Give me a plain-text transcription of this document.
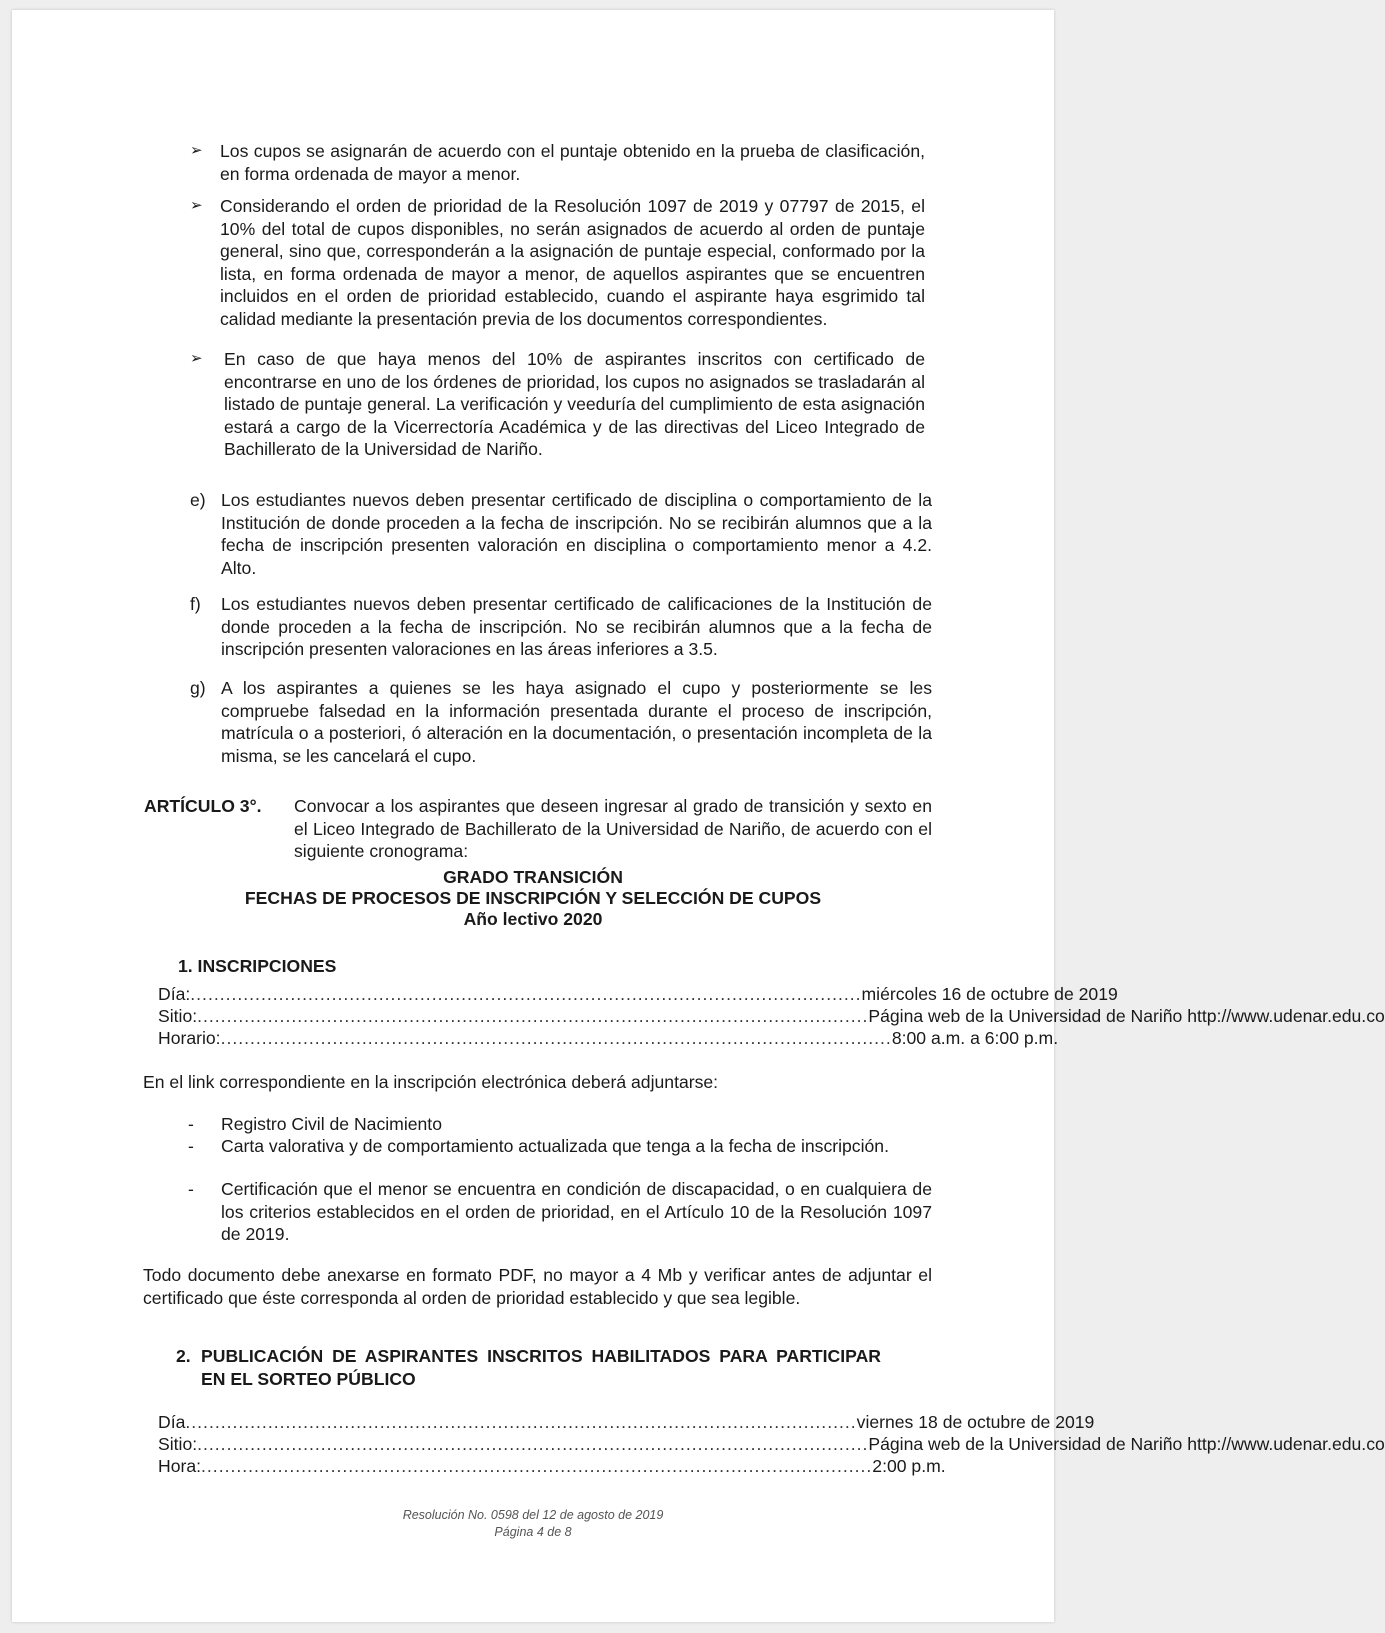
➢ Los cupos se asignarán de acuerdo con el puntaje obtenido en la prueba de clasificación, en forma ordenada de mayor a menor.
➢ Considerando el orden de prioridad de la Resolución 1097 de 2019 y 07797 de 2015, el 10% del total de cupos disponibles, no serán asignados de acuerdo al orden de puntaje general, sino que, corresponderán a la asignación de puntaje especial, conformado por la lista, en forma ordenada de mayor a menor, de aquellos aspirantes que se encuentren incluidos en el orden de prioridad establecido, cuando el aspirante haya esgrimido tal calidad mediante la presentación previa de los documentos correspondientes.
➢ En caso de que haya menos del 10% de aspirantes inscritos con certificado de encontrarse en uno de los órdenes de prioridad, los cupos no asignados se trasladarán al listado de puntaje general. La verificación y veeduría del cumplimiento de esta asignación estará a cargo de la Vicerrectoría Académica y de las directivas del Liceo Integrado de Bachillerato de la Universidad de Nariño.
e) Los estudiantes nuevos deben presentar certificado de disciplina o comportamiento de la Institución de donde proceden a la fecha de inscripción. No se recibirán alumnos que a la fecha de inscripción presenten valoración en disciplina o comportamiento menor a 4.2. Alto.
f) Los estudiantes nuevos deben presentar certificado de calificaciones de la Institución de donde proceden a la fecha de inscripción. No se recibirán alumnos que a la fecha de inscripción presenten valoraciones en las áreas inferiores a 3.5.
g) A los aspirantes a quienes se les haya asignado el cupo y posteriormente se les compruebe falsedad en la información presentada durante el proceso de inscripción, matrícula o a posteriori, ó alteración en la documentación, o presentación incompleta de la misma, se les cancelará el cupo.
ARTÍCULO 3°.	Convocar a los aspirantes que deseen ingresar al grado de transición y sexto en el Liceo Integrado de Bachillerato de la Universidad de Nariño, de acuerdo con el siguiente cronograma:
GRADO TRANSICIÓN
FECHAS DE PROCESOS DE INSCRIPCIÓN Y SELECCIÓN DE CUPOS
Año lectivo 2020
1. INSCRIPCIONES
Día: .................................................................................................................. miércoles 16 de octubre de 2019
Sitio: .................................................................................................................. Página web de la Universidad de Nariño http://www.udenar.edu.co
Horario: .................................................................................................................. 8:00 a.m. a 6:00 p.m.
En el link correspondiente en la inscripción electrónica deberá adjuntarse:
- Registro Civil de Nacimiento
- Carta valorativa y de comportamiento actualizada que tenga a la fecha de inscripción.
- Certificación que el menor se encuentra en condición de discapacidad, o en cualquiera de los criterios establecidos en el orden de prioridad, en el Artículo 10 de la Resolución 1097 de 2019.
Todo documento debe anexarse en formato PDF, no mayor a 4 Mb y verificar antes de adjuntar el certificado que éste corresponda al orden de prioridad establecido y que sea legible.
2. PUBLICACIÓN DE ASPIRANTES INSCRITOS HABILITADOS PARA PARTICIPAR EN EL SORTEO PÚBLICO
Día .................................................................................................................. viernes 18 de octubre de 2019
Sitio: .................................................................................................................. Página web de la Universidad de Nariño http://www.udenar.edu.co
Hora: .................................................................................................................. 2:00 p.m.
Resolución No. 0598 del 12 de agosto de 2019
Página 4 de 8
